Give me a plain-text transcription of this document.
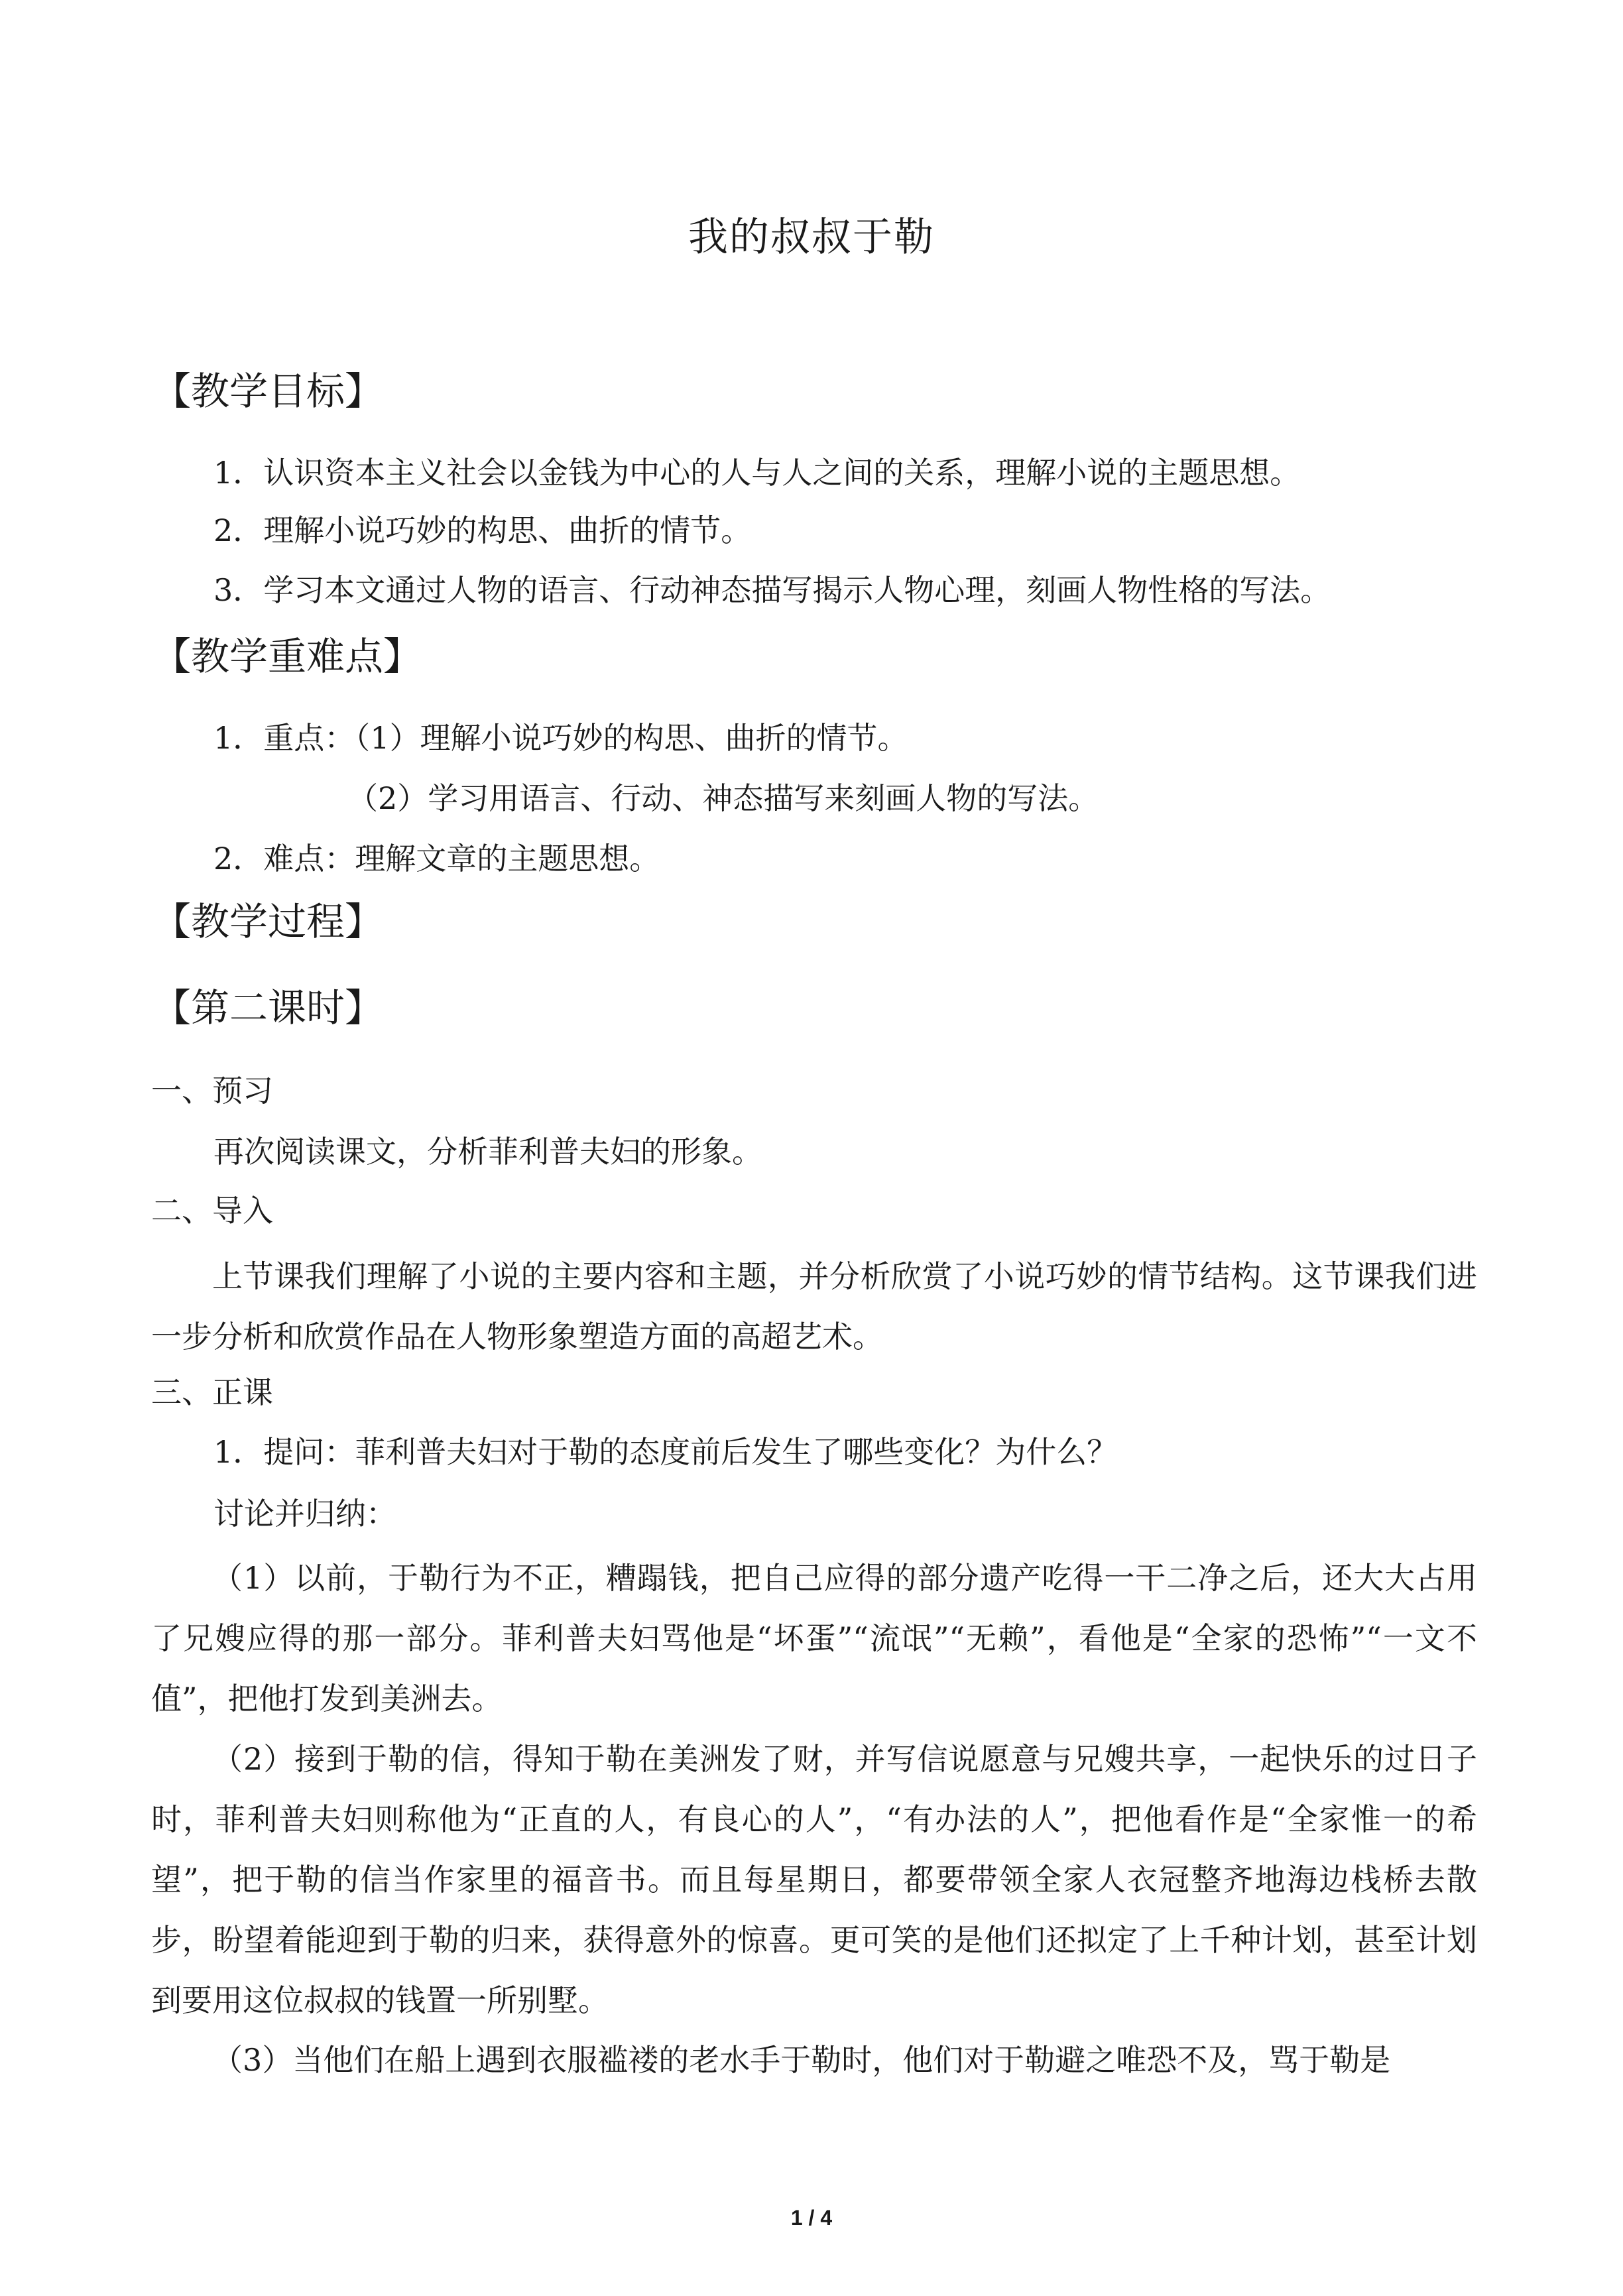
我的叔叔于勒
【教学目标】
1．认识资本主义社会以金钱为中心的人与人之间的关系，理解小说的主题思想。
2．理解小说巧妙的构思、曲折的情节。
3．学习本文通过人物的语言、行动神态描写揭示人物心理，刻画人物性格的写法。
【教学重难点】
1．重点：（1）理解小说巧妙的构思、曲折的情节。
（2）学习用语言、行动、神态描写来刻画人物的写法。
2．难点：理解文章的主题思想。
【教学过程】
【第二课时】
一、预习
再次阅读课文，分析菲利普夫妇的形象。
二、导入
上节课我们理解了小说的主要内容和主题，并分析欣赏了小说巧妙的情节结构。这节课我们进一步分析和欣赏作品在人物形象塑造方面的高超艺术。
三、正课
1．提问：菲利普夫妇对于勒的态度前后发生了哪些变化？为什么？
讨论并归纳：
（1）以前，于勒行为不正，糟蹋钱，把自己应得的部分遗产吃得一干二净之后，还大大占用了兄嫂应得的那一部分。菲利普夫妇骂他是“坏蛋”“流氓”“无赖”，看他是“全家的恐怖”“一文不值”，把他打发到美洲去。
（2）接到于勒的信，得知于勒在美洲发了财，并写信说愿意与兄嫂共享，一起快乐的过日子时，菲利普夫妇则称他为“正直的人，有良心的人”，“有办法的人”，把他看作是“全家惟一的希望”，把于勒的信当作家里的福音书。而且每星期日，都要带领全家人衣冠整齐地海边栈桥去散步，盼望着能迎到于勒的归来，获得意外的惊喜。更可笑的是他们还拟定了上千种计划，甚至计划到要用这位叔叔的钱置一所别墅。
（3）当他们在船上遇到衣服褴褛的老水手于勒时，他们对于勒避之唯恐不及，骂于勒是
1 / 4
